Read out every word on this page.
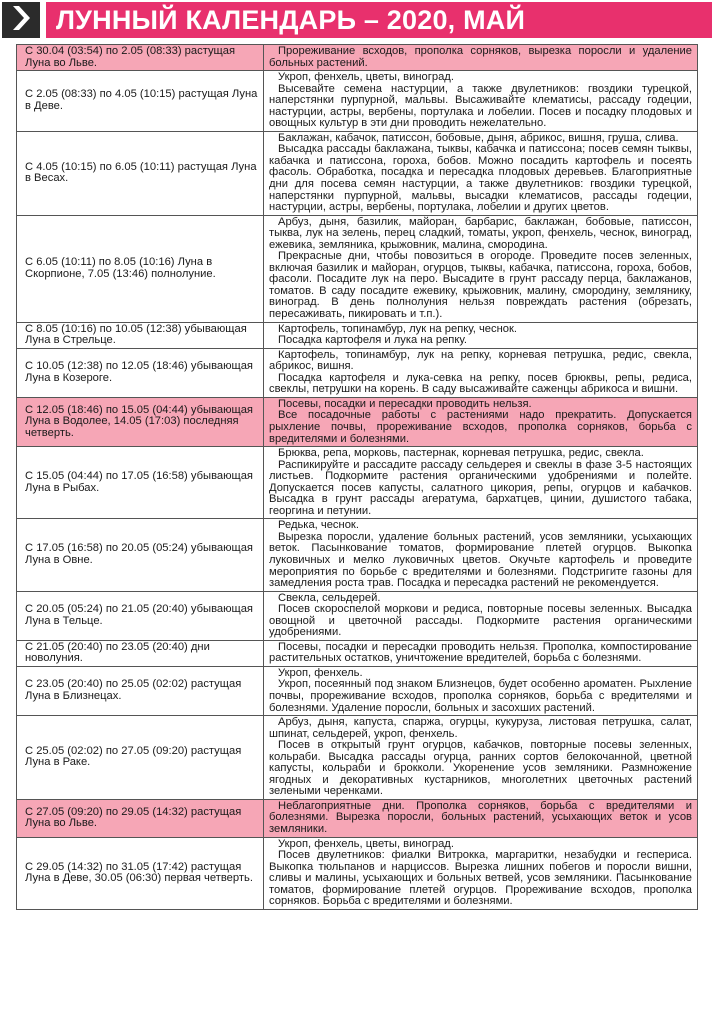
ЛУННЫЙ КАЛЕНДАРЬ – 2020, МАЙ
С 30.04 (03:54) по 2.05 (08:33) растущая Луна во Льве.	Прореживание всходов, прополка сорняков, вырезка поросли и удаление больных растений.

С 2.05 (08:33) по 4.05 (10:15) растущая Луна в Деве.	Укроп, фенхель, цветы, виноград.
Высевайте семена настурции, а также двулетников: гвоздики турецкой, наперстянки пурпурной, мальвы. Высаживайте клематисы, рассаду годеции, настурции, астры, вербены, портулака и лобелии. Посев и посадку плодовых и овощных культур в эти дни проводить нежелательно.

С 4.05 (10:15) по 6.05 (10:11) растущая Луна в Весах.	Баклажан, кабачок, патиссон, бобовые, дыня, абрикос, вишня, груша, слива.
Высадка рассады баклажана, тыквы, кабачка и патиссона; посев семян тыквы, кабачка и патиссона, гороха, бобов. Можно посадить картофель и посеять фасоль. Обработка, посадка и пересадка плодовых деревьев. Благоприятные дни для посева семян настурции, а также двулетников: гвоздики турецкой, наперстянки пурпурной, мальвы, высадки клематисов, рассады годеции, настурции, астры, вербены, портулака, лобелии и других цветов.

С 6.05 (10:11) по 8.05 (10:16) Луна в Скорпионе, 7.05 (13:46) полнолуние.	Арбуз, дыня, базилик, майоран, барбарис, баклажан, бобовые, патиссон, тыква, лук на зелень, перец сладкий, томаты, укроп, фенхель, чеснок, виноград, ежевика, земляника, крыжовник, малина, смородина.
Прекрасные дни, чтобы повозиться в огороде. Проведите посев зеленных, включая базилик и майоран, огурцов, тыквы, кабачка, патиссона, гороха, бобов, фасоли. Посадите лук на перо. Высадите в грунт рассаду перца, баклажанов, томатов. В саду посадите ежевику, крыжовник, малину, смородину, землянику, виноград. В день полнолуния нельзя повреждать растения (обрезать, пересаживать, пикировать и т.п.).

С 8.05 (10:16) по 10.05 (12:38) убывающая Луна в Стрельце.	Картофель, топинамбур, лук на репку, чеснок.
Посадка картофеля и лука на репку.

С 10.05 (12:38) по 12.05 (18:46) убывающая Луна в Козероге.	Картофель, топинамбур, лук на репку, корневая петрушка, редис, свекла, абрикос, вишня.
Посадка картофеля и лука-севка на репку, посев брюквы, репы, редиса, свеклы, петрушки на корень. В саду высаживайте саженцы абрикоса и вишни.

С 12.05 (18:46) по 15.05 (04:44) убывающая Луна в Водолее, 14.05 (17:03) последняя четверть.	Посевы, посадки и пересадки проводить нельзя.
Все посадочные работы с растениями надо прекратить. Допускается рыхление почвы, прореживание всходов, прополка сорняков, борьба с вредителями и болезнями.

С 15.05 (04:44) по 17.05 (16:58) убывающая Луна в Рыбах.	Брюква, репа, морковь, пастернак, корневая петрушка, редис, свекла.
Распикируйте и рассадите рассаду сельдерея и свеклы в фазе 3-5 настоящих листьев. Подкормите растения органическими удобрениями и полейте. Допускается посев капусты, салатного цикория, репы, огурцов и кабачков. Высадка в грунт рассады агератума, бархатцев, цинии, душистого табака, георгина и петунии.

С 17.05 (16:58) по 20.05 (05:24) убывающая Луна в Овне.	Редька, чеснок.
Вырезка поросли, удаление больных растений, усов земляники, усыхающих веток. Пасынкование томатов, формирование плетей огурцов. Выкопка луковичных и мелко луковичных цветов. Окучьте картофель и проведите мероприятия по борьбе с вредителями и болезнями. Подстригите газоны для замедления роста трав. Посадка и пересадка растений не рекомендуется.

С 20.05 (05:24) по 21.05 (20:40) убывающая Луна в Тельце.	Свекла, сельдерей.
Посев скороспелой моркови и редиса, повторные посевы зеленных. Высадка овощной и цветочной рассады. Подкормите растения органическими удобрениями.

С 21.05 (20:40) по 23.05 (20:40) дни новолуния.	Посевы, посадки и пересадки проводить нельзя. Прополка, компостирование растительных остатков, уничтожение вредителей, борьба с болезнями.

С 23.05 (20:40) по 25.05 (02:02) растущая Луна в Близнецах.	Укроп, фенхель.
Укроп, посеянный под знаком Близнецов, будет особенно ароматен. Рыхление почвы, прореживание всходов, прополка сорняков, борьба с вредителями и болезнями. Удаление поросли, больных и засохших растений.

С 25.05 (02:02) по 27.05 (09:20) растущая Луна в Раке.	Арбуз, дыня, капуста, спаржа, огурцы, кукуруза, листовая петрушка, салат, шпинат, сельдерей, укроп, фенхель.
Посев в открытый грунт огурцов, кабачков, повторные посевы зеленных, кольраби. Высадка рассады огурца, ранних сортов белокочанной, цветной капусты, кольраби и брокколи. Укоренение усов земляники. Размножение ягодных и декоративных кустарников, многолетних цветочных растений зелеными черенками.

С 27.05 (09:20) по 29.05 (14:32) растущая Луна во Льве.	Неблагоприятные дни. Прополка сорняков, борьба с вредителями и болезнями. Вырезка поросли, больных растений, усыхающих веток и усов земляники.

С 29.05 (14:32) по 31.05 (17:42) растущая Луна в Деве, 30.05 (06:30) первая четверть.	Укроп, фенхель, цветы, виноград.
Посев двулетников: фиалки Витрокка, маргаритки, незабудки и геспериса. Выкопка тюльпанов и нарциссов. Вырезка лишних побегов и поросли вишни, сливы и малины, усыхающих и больных ветвей, усов земляники. Пасынкование томатов, формирование плетей огурцов. Прореживание всходов, прополка сорняков. Борьба с вредителями и болезнями.
